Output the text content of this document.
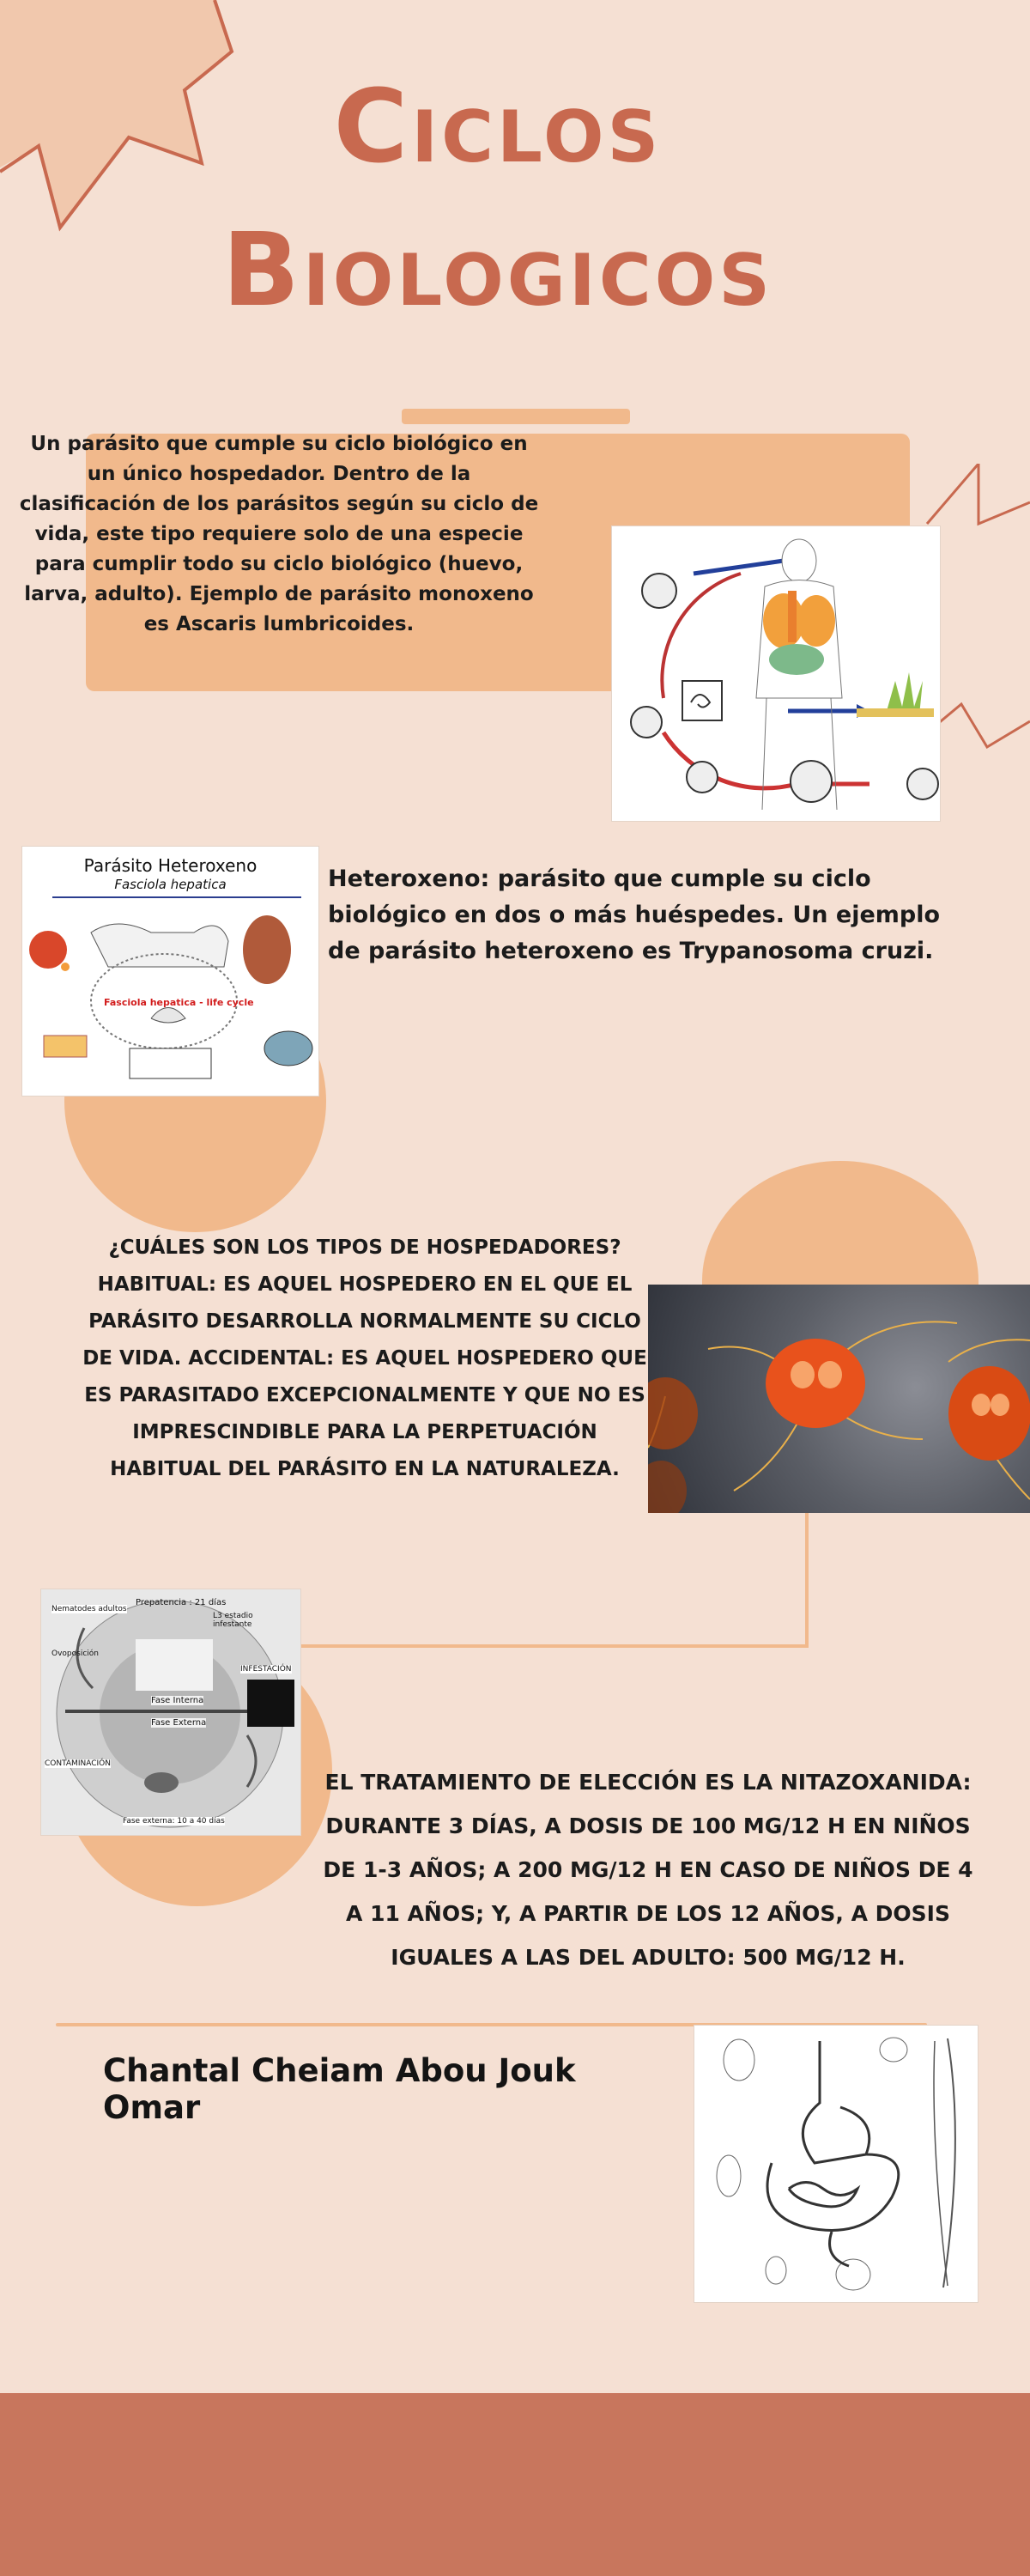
Ciclos
Biologicos
Un parásito que cumple su ciclo biológico en un único hospedador. Dentro de la clasificación de los parásitos según su ciclo de vida, este tipo requiere solo de una especie para cumplir todo su ciclo biológico (huevo, larva, adulto). Ejemplo de parásito monoxeno es Ascaris lumbricoides.
Parásito Heteroxeno
Fasciola hepatica
Fasciola hepatica - life cycle
Heteroxeno: parásito que cumple su ciclo biológico en dos o más huéspedes. Un ejemplo de parásito heteroxeno es Trypanosoma cruzi.
¿CUÁLES SON LOS TIPOS DE HOSPEDADORES? HABITUAL: ES AQUEL HOSPEDERO EN EL QUE EL PARÁSITO DESARROLLA NORMALMENTE SU CICLO DE VIDA. ACCIDENTAL: ES AQUEL HOSPEDERO QUE ES PARASITADO EXCEPCIONALMENTE Y QUE NO ES IMPRESCINDIBLE PARA LA PERPETUACIÓN HABITUAL DEL PARÁSITO EN LA NATURALEZA.
Nematodes adultos
Prepatencia : 21 días
L3 estadio infestante
Ovoposición
INFESTACIÓN
Fase Interna
Fase Externa
CONTAMINACIÓN
Fase externa: 10 a 40 días
EL TRATAMIENTO DE ELECCIÓN ES LA NITAZOXANIDA: DURANTE 3 DÍAS, A DOSIS DE 100 MG/12 H EN NIÑOS DE 1-3 AÑOS; A 200 MG/12 H EN CASO DE NIÑOS DE 4 A 11 AÑOS; Y, A PARTIR DE LOS 12 AÑOS, A DOSIS IGUALES A LAS DEL ADULTO: 500 MG/12 H.
Chantal Cheiam Abou Jouk Omar
